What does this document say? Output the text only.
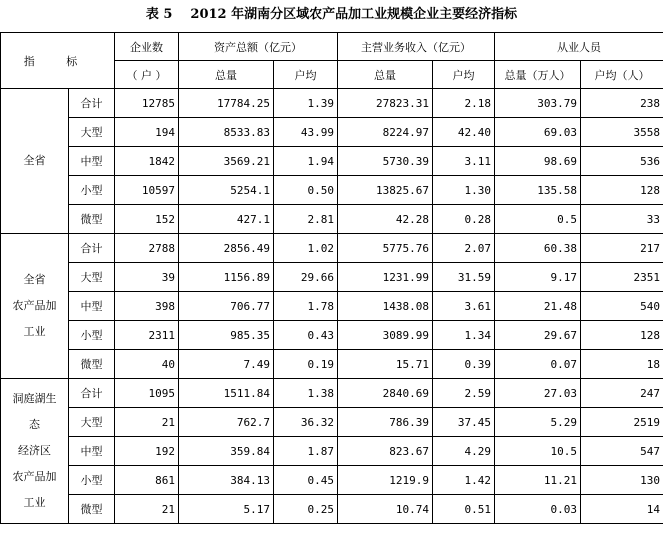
表 5 2012 年湖南分区域农产品加工业规模企业主要经济指标
指 标		企业数	资产总额（亿元）		主营业务收入（亿元）		从业人员	
		（ 户 ）	总量	户均	总量	户均	总量（万人）	户均（人）

全省	合计	12785	17784.25	1.39	27823.31	2.18	303.79	238
	大型	194	8533.83	43.99	8224.97	42.40	69.03	3558
	中型	1842	3569.21	1.94	5730.39	3.11	98.69	536
	小型	10597	5254.1	0.50	13825.67	1.30	135.58	128
	微型	152	427.1	2.81	42.28	0.28	0.5	33

全省
农产品加
工业	合计	2788	2856.49	1.02	5775.76	2.07	60.38	217
	大型	39	1156.89	29.66	1231.99	31.59	9.17	2351
	中型	398	706.77	1.78	1438.08	3.61	21.48	540
	小型	2311	985.35	0.43	3089.99	1.34	29.67	128
	微型	40	7.49	0.19	15.71	0.39	0.07	18

洞庭湖生
态
经济区
农产品加
工业	合计	1095	1511.84	1.38	2840.69	2.59	27.03	247
	大型	21	762.7	36.32	786.39	37.45	5.29	2519
	中型	192	359.84	1.87	823.67	4.29	10.5	547
	小型	861	384.13	0.45	1219.9	1.42	11.21	130
	微型	21	5.17	0.25	10.74	0.51	0.03	14
